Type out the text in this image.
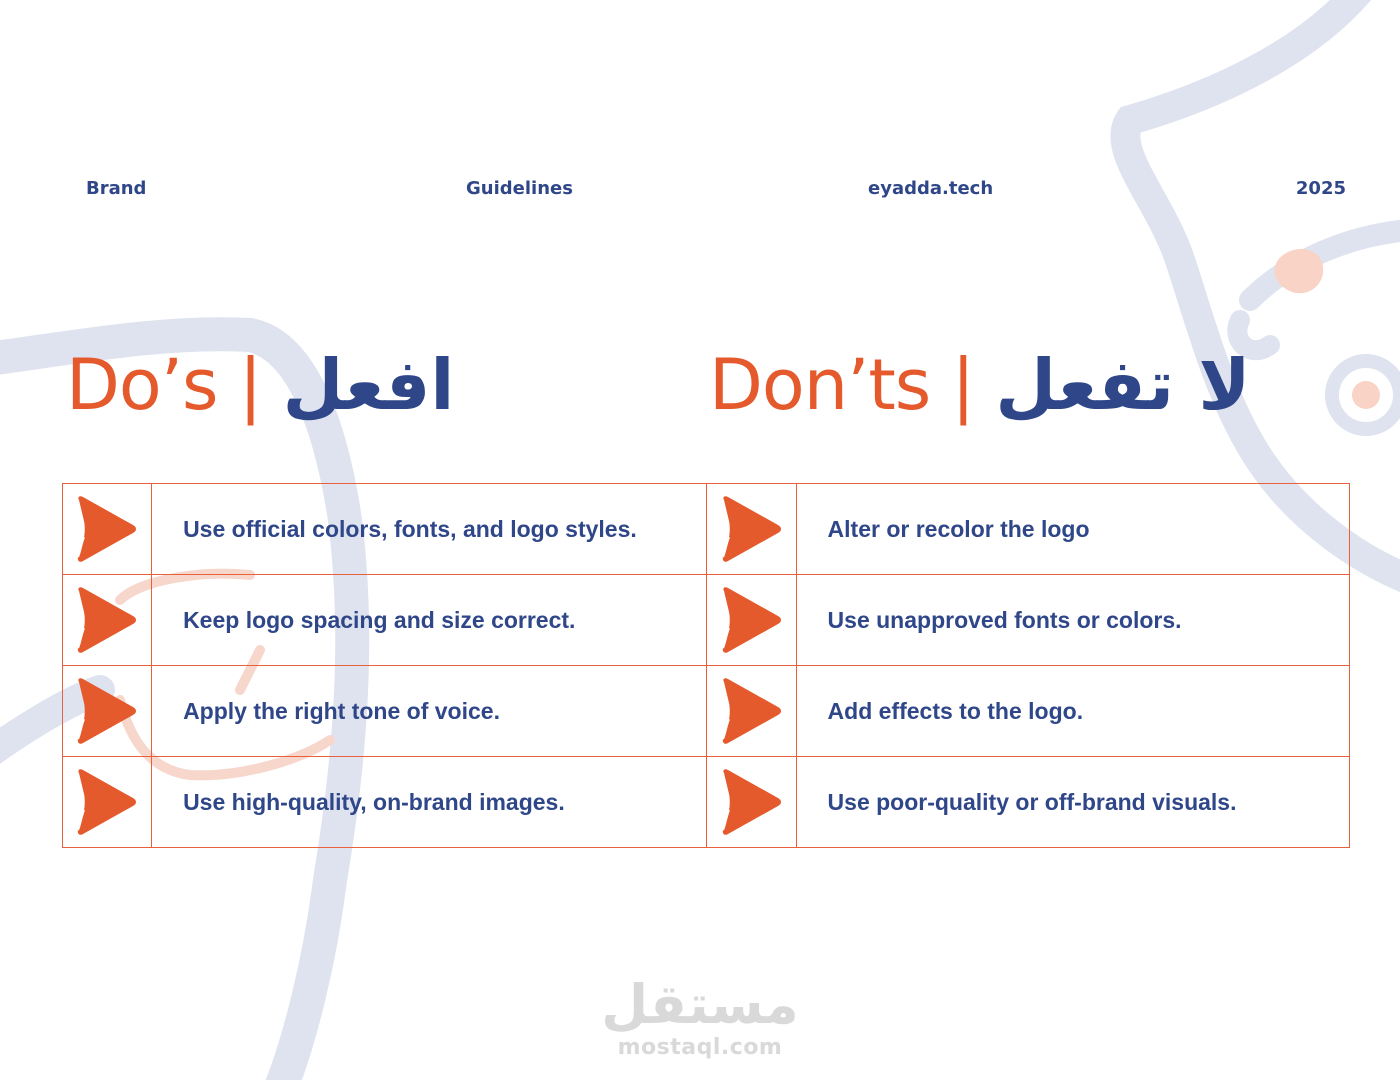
Brand	Guidelines	eyadda.tech	2025
Do’s | افعل	Don’ts | لا تفعل
	Use official colors, fonts, and logo styles.		Alter or recolor the logo

	Keep logo spacing and size correct.		Use unapproved fonts or colors.

	Apply the right tone of voice.		Add effects to the logo.

	Use high-quality, on-brand images.		Use poor-quality or off-brand visuals.
مستقل
mostaql.com
